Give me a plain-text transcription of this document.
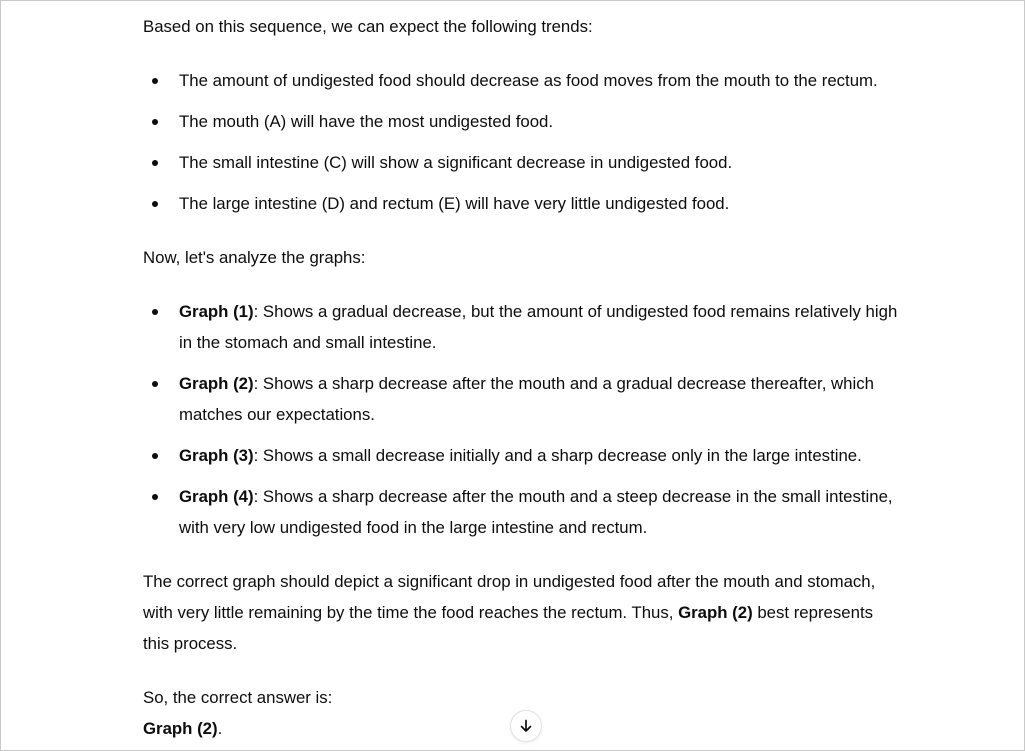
Based on this sequence, we can expect the following trends:

The amount of undigested food should decrease as food moves from the mouth to the rectum.
The mouth (A) will have the most undigested food.
The small intestine (C) will show a significant decrease in undigested food.
The large intestine (D) and rectum (E) will have very little undigested food.

Now, let's analyze the graphs:

Graph (1): Shows a gradual decrease, but the amount of undigested food remains relatively high
in the stomach and small intestine.
Graph (2): Shows a sharp decrease after the mouth and a gradual decrease thereafter, which
matches our expectations.
Graph (3): Shows a small decrease initially and a sharp decrease only in the large intestine.
Graph (4): Shows a sharp decrease after the mouth and a steep decrease in the small intestine,
with very low undigested food in the large intestine and rectum.

The correct graph should depict a significant drop in undigested food after the mouth and stomach,
with very little remaining by the time the food reaches the rectum. Thus, Graph (2) best represents
this process.

So, the correct answer is:
Graph (2).
